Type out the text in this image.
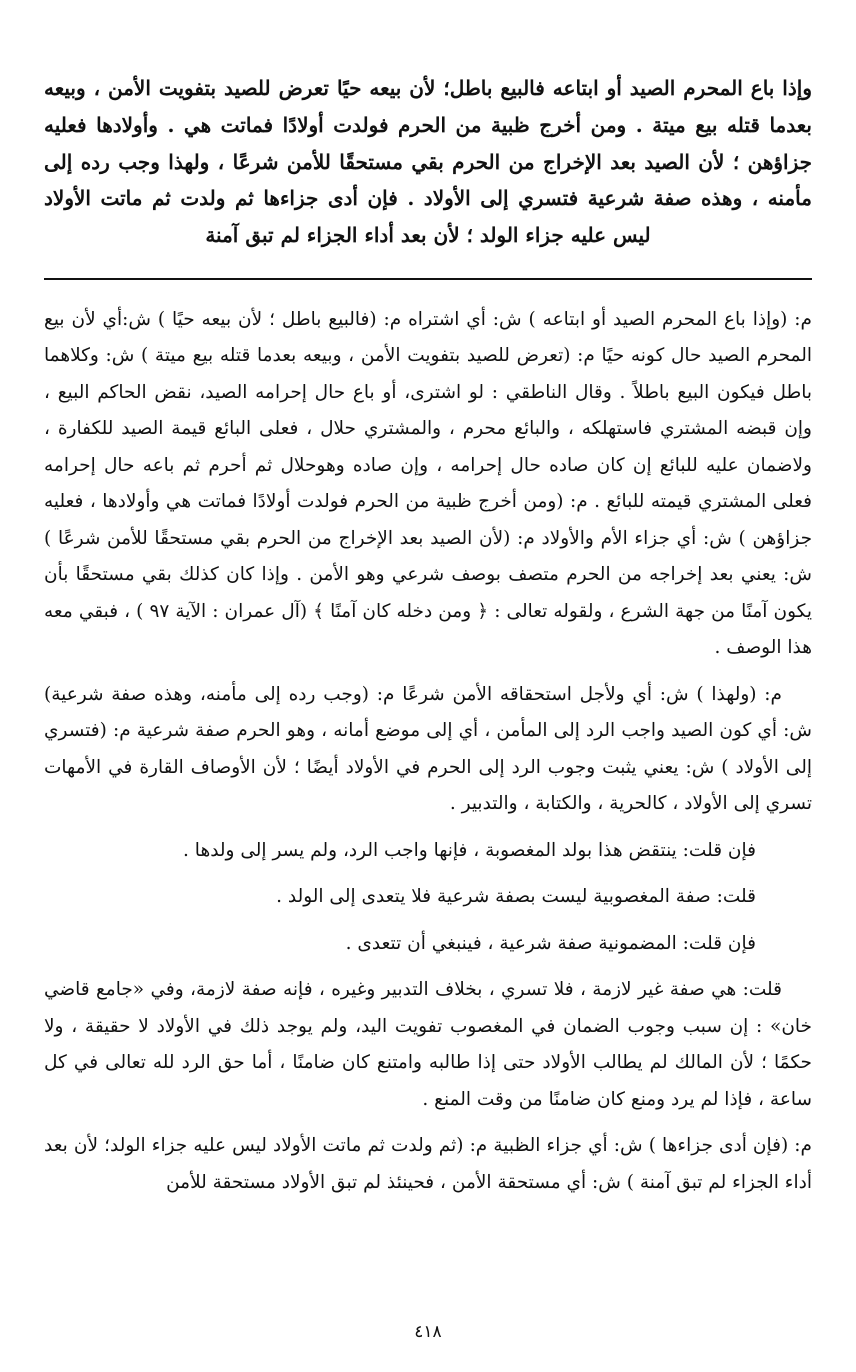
وإذا باع المحرم الصيد أو ابتاعه فالبيع باطل؛ لأن بيعه حيًا تعرض للصيد بتفويت الأمن ، وبيعه بعدما قتله بيع ميتة . ومن أخرج ظبية من الحرم فولدت أولادًا فماتت هي . وأولادها فعليه جزاؤهن ؛ لأن الصيد بعد الإخراج من الحرم بقي مستحقًا للأمن شرعًا ، ولهذا وجب رده إلى مأمنه ، وهذه صفة شرعية فتسري إلى الأولاد . فإن أدى جزاءها ثم ولدت ثم ماتت الأولاد ليس عليه جزاء الولد ؛ لأن بعد أداء الجزاء لم تبق آمنة

م: (وإذا باع المحرم الصيد أو ابتاعه ) ش: أي اشتراه م: (فالبيع باطل ؛ لأن بيعه حيًا ) ش:أي لأن بيع المحرم الصيد حال كونه حيًا م: (تعرض للصيد بتفويت الأمن ، وبيعه بعدما قتله بيع ميتة ) ش: وكلاهما باطل فيكون البيع باطلاً . وقال الناطقي : لو اشترى، أو باع حال إحرامه الصيد، نقض الحاكم البيع ، وإن قبضه المشتري فاستهلكه ، والبائع محرم ، والمشتري حلال ، فعلى البائع قيمة الصيد للكفارة ، ولاضمان عليه للبائع إن كان صاده حال إحرامه ، وإن صاده وهوحلال ثم أحرم ثم باعه حال إحرامه فعلى المشتري قيمته للبائع . م: (ومن أخرج ظبية من الحرم فولدت أولادًا فماتت هي وأولادها ، فعليه جزاؤهن ) ش: أي جزاء الأم والأولاد م: (لأن الصيد بعد الإخراج من الحرم بقي مستحقًا للأمن شرعًا ) ش: يعني بعد إخراجه من الحرم متصف بوصف شرعي وهو الأمن . وإذا كان كذلك بقي مستحقًا بأن يكون آمنًا من جهة الشرع ، ولقوله تعالى : ﴿ ومن دخله كان آمنًا ﴾ (آل عمران : الآية ٩٧ ) ، فبقي معه هذا الوصف .

م: (ولهذا ) ش: أي ولأجل استحقاقه الأمن شرعًا م: (وجب رده إلى مأمنه، وهذه صفة شرعية) ش: أي كون الصيد واجب الرد إلى المأمن ، أي إلى موضع أمانه ، وهو الحرم صفة شرعية م: (فتسري إلى الأولاد ) ش: يعني يثبت وجوب الرد إلى الحرم في الأولاد أيضًا ؛ لأن الأوصاف القارة في الأمهات تسري إلى الأولاد ، كالحرية ، والكتابة ، والتدبير .

فإن قلت: ينتقض هذا بولد المغصوبة ، فإنها واجب الرد، ولم يسر إلى ولدها .

قلت: صفة المغصوبية ليست بصفة شرعية فلا يتعدى إلى الولد .

فإن قلت: المضمونية صفة شرعية ، فينبغي أن تتعدى .

قلت: هي صفة غير لازمة ، فلا تسري ، بخلاف التدبير وغيره ، فإنه صفة لازمة، وفي «جامع قاضي خان» : إن سبب وجوب الضمان في المغصوب تفويت اليد، ولم يوجد ذلك في الأولاد لا حقيقة ، ولا حكمًا ؛ لأن المالك لم يطالب الأولاد حتى إذا طالبه وامتنع كان ضامنًا ، أما حق الرد لله تعالى في كل ساعة ، فإذا لم يرد ومنع كان ضامنًا من وقت المنع .

م: (فإن أدى جزاءها ) ش: أي جزاء الظبية م: (ثم ولدت ثم ماتت الأولاد ليس عليه جزاء الولد؛ لأن بعد أداء الجزاء لم تبق آمنة ) ش: أي مستحقة الأمن ، فحينئذ لم تبق الأولاد مستحقة للأمن

٤١٨
